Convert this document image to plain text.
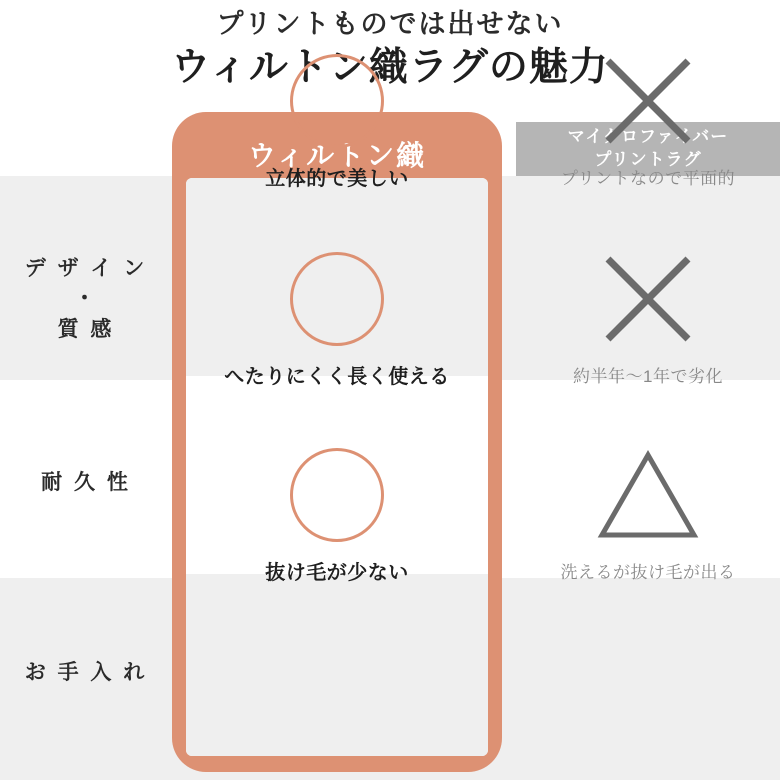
プリントものでは出せない
ウィルトン織ラグの魅力
デ ザ イ ン
・
質 感
耐 久 性
お 手 入 れ
マイクロファイバー
プリントラグ
ウィルトン織
立体的で美しい
へたりにくく長く使える
抜け毛が少ない
プリントなので平面的
約半年〜1年で劣化
洗えるが抜け毛が出る
